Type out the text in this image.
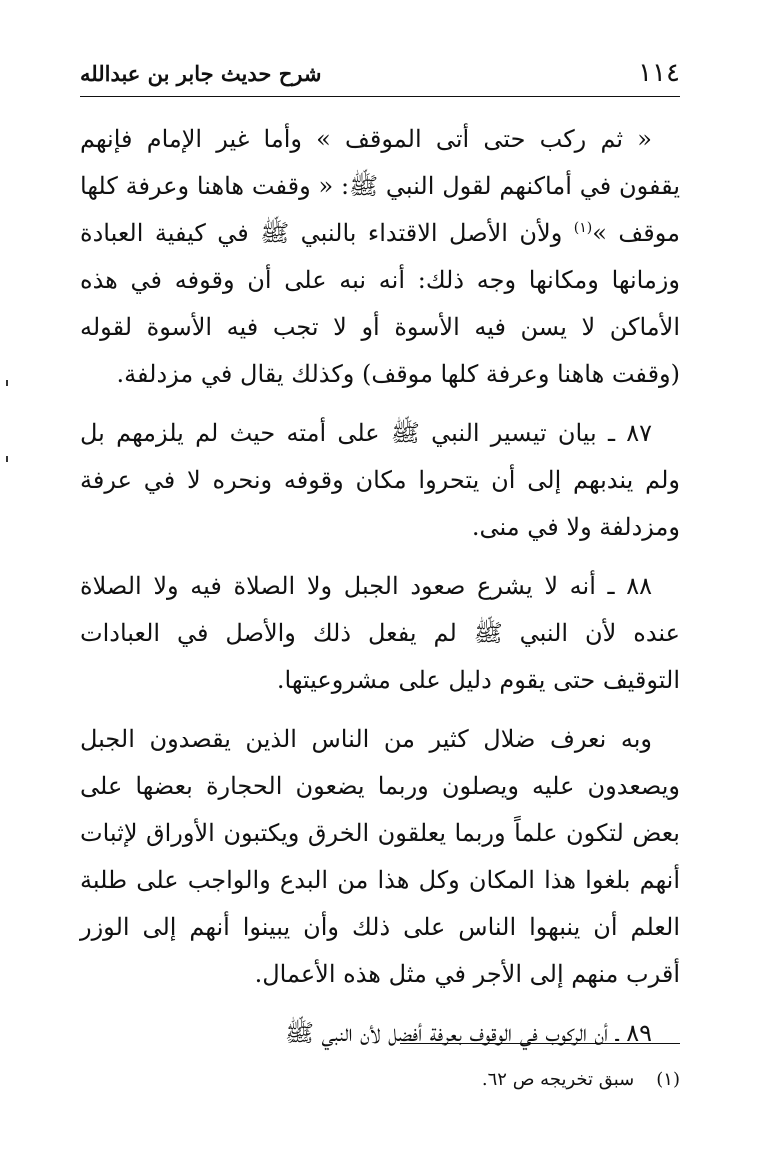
١١٤
شرح حديث جابر بن عبدالله

« ثم ركب حتى أتى الموقف » وأما غير الإمام فإنهم يقفون في أماكنهم لقول النبي ﷺ: « وقفت هاهنا وعرفة كلها موقف »$^{(١)}$ ولأن الأصل الاقتداء بالنبي ﷺ في كيفية العبادة وزمانها ومكانها وجه ذلك: أنه نبه على أن وقوفه في هذه الأماكن لا يسن فيه الأسوة أو لا تجب فيه الأسوة لقوله (وقفت هاهنا وعرفة كلها موقف) وكذلك يقال في مزدلفة.

٨٧ ـ بيان تيسير النبي ﷺ على أمته حيث لم يلزمهم بل ولم يندبهم إلى أن يتحروا مكان وقوفه ونحره لا في عرفة ومزدلفة ولا في منى.

٨٨ ـ أنه لا يشرع صعود الجبل ولا الصلاة فيه ولا الصلاة عنده لأن النبي ﷺ لم يفعل ذلك والأصل في العبادات التوقيف حتى يقوم دليل على مشروعيتها.

وبه نعرف ضلال كثير من الناس الذين يقصدون الجبل ويصعدون عليه ويصلون وربما يضعون الحجارة بعضها على بعض لتكون علماً وربما يعلقون الخرق ويكتبون الأوراق لإثبات أنهم بلغوا هذا المكان وكل هذا من البدع والواجب على طلبة العلم أن ينبهوا الناس على ذلك وأن يبينوا أنهم إلى الوزر أقرب منهم إلى الأجر في مثل هذه الأعمال.

٨٩ ـ أن الركوب في الوقوف بعرفة أفضل لأن النبي ﷺ

(١)سبق تخريجه ص ٦٢.
